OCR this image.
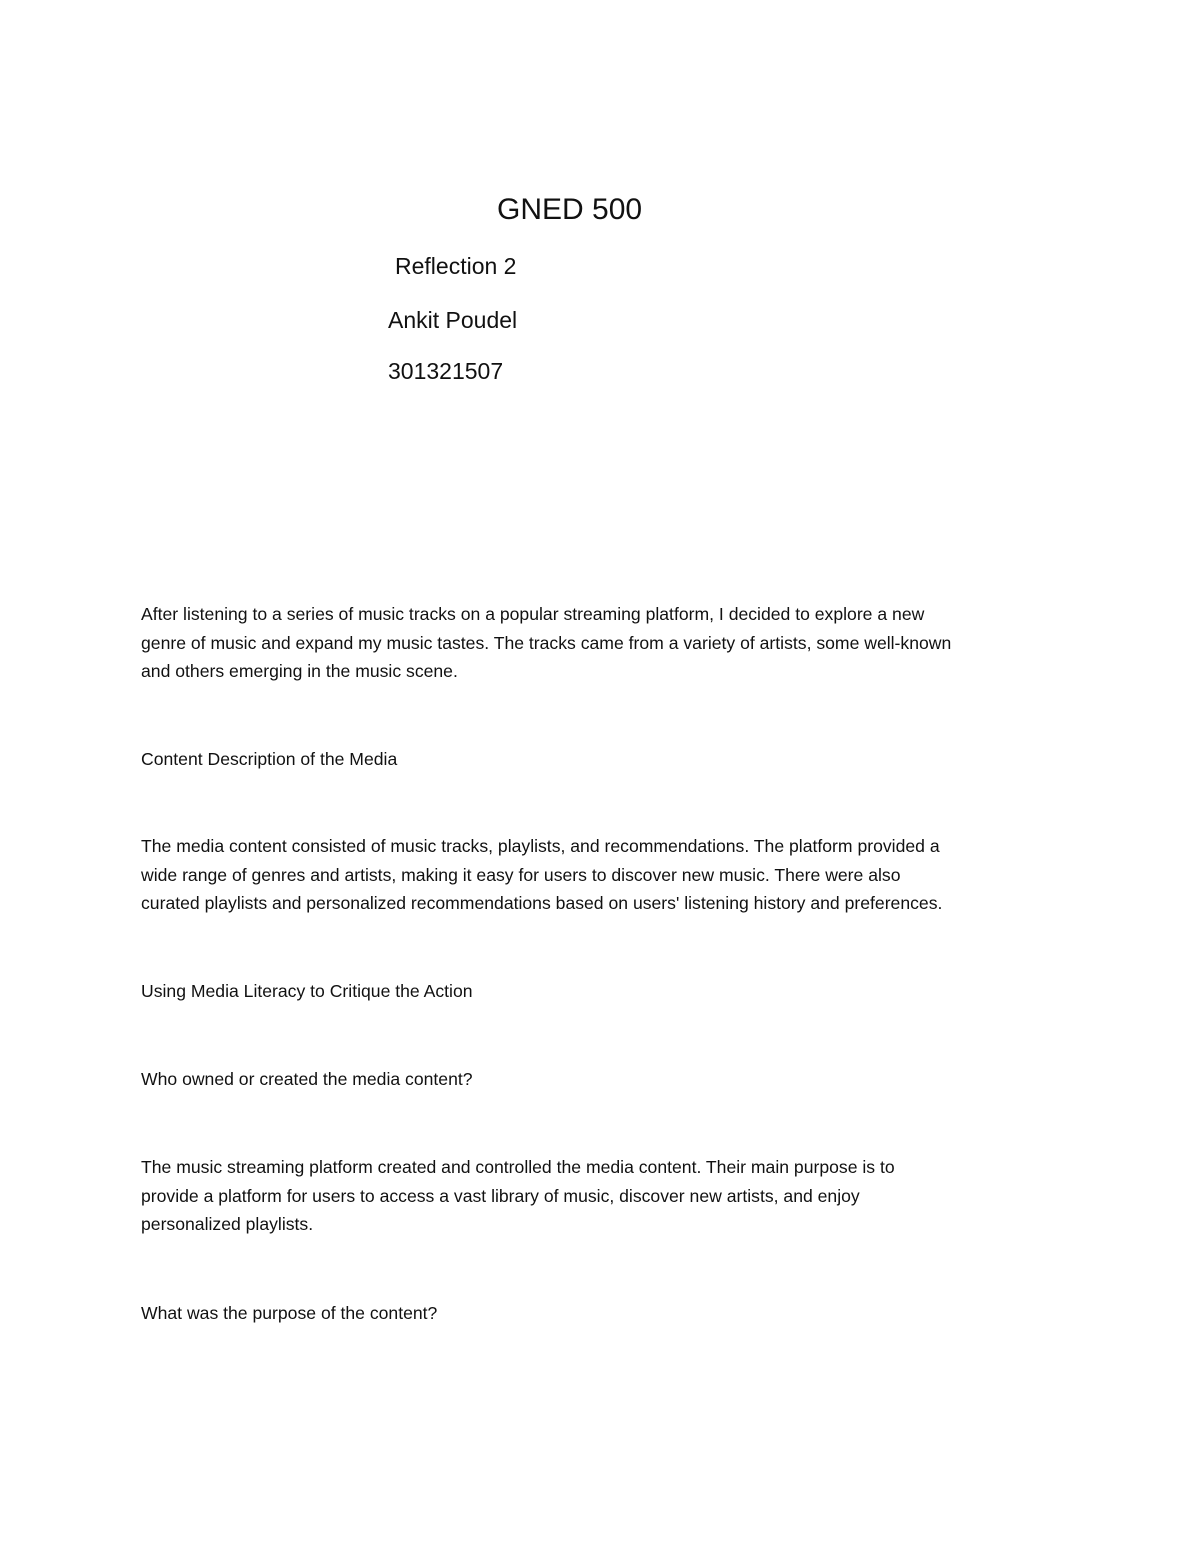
GNED 500

Reflection 2

Ankit Poudel

301321507

After listening to a series of music tracks on a popular streaming platform, I decided to explore a new
genre of music and expand my music tastes. The tracks came from a variety of artists, some well-known
and others emerging in the music scene.

Content Description of the Media

The media content consisted of music tracks, playlists, and recommendations. The platform provided a
wide range of genres and artists, making it easy for users to discover new music. There were also
curated playlists and personalized recommendations based on users' listening history and preferences.

Using Media Literacy to Critique the Action

Who owned or created the media content?

The music streaming platform created and controlled the media content. Their main purpose is to
provide a platform for users to access a vast library of music, discover new artists, and enjoy
personalized playlists.

What was the purpose of the content?
